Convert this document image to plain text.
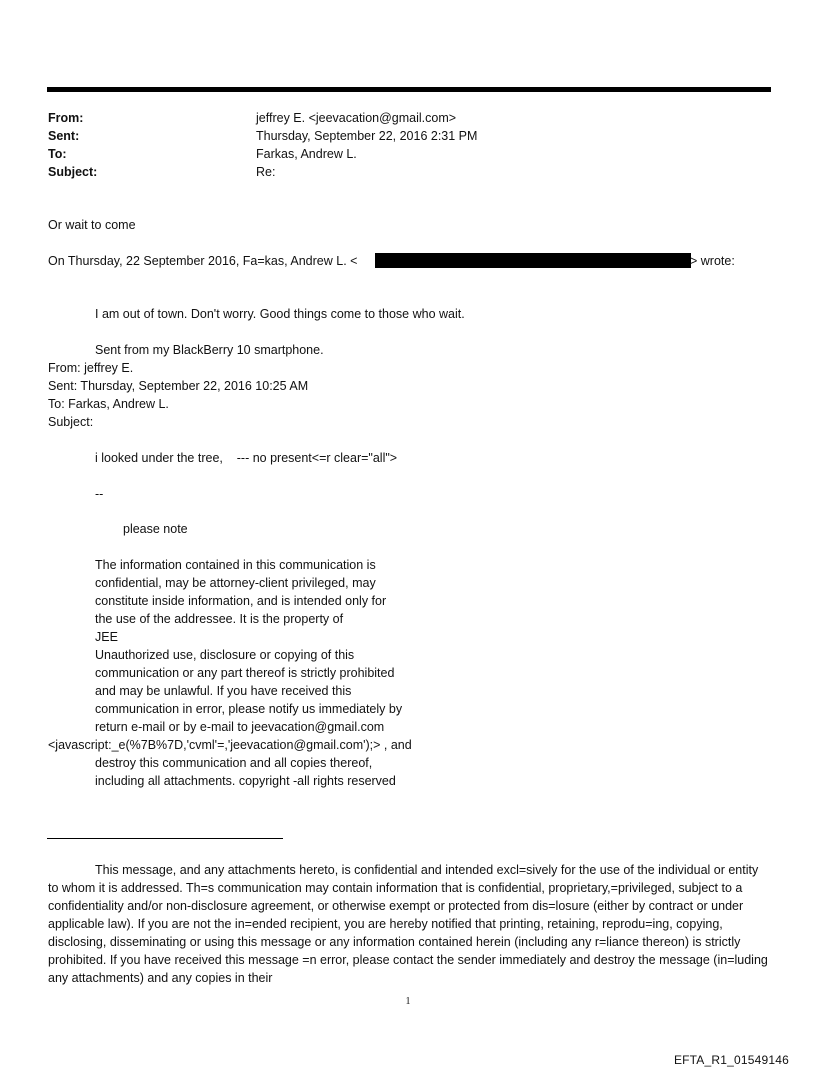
From:	jeffrey E. <jeevacation@gmail.com>
Sent:	Thursday, September 22, 2016 2:31 PM
To:	Farkas, Andrew L.
Subject:	Re:
Or wait to come
On Thursday, 22 September 2016, Fa=kas, Andrew L. <	> wrote:
I am out of town. Don't worry. Good things come to those who wait.
Sent from my BlackBerry 10 smartphone.
From: jeffrey E.
Sent: Thursday, September 22, 2016 10:25 AM
To: Farkas, Andrew L.
Subject:
i looked under the tree,    --- no present<=r clear="all">
--
please note
The information contained in this communication is
confidential, may be attorney-client privileged, may
constitute inside information, and is intended only for
the use of the addressee. It is the property of
JEE
Unauthorized use, disclosure or copying of this
communication or any part thereof is strictly prohibited
and may be unlawful. If you have received this
communication in error, please notify us immediately by
return e-mail or by e-mail to jeevacation@gmail.com
<javascript:_e(%7B%7D,'cvml'=,'jeevacation@gmail.com');> , and
destroy this communication and all copies thereof,
including all attachments. copyright -all rights reserved

This message, and any attachments hereto, is confidential and intended excl=sively for the use of the individual or entity to whom it is addressed. Th=s communication may contain information that is confidential, proprietary,=privileged, subject to a confidentiality and/or non-disclosure agreement, or otherwise exempt or protected from dis=losure (either by contract or under applicable law). If you are not the in=ended recipient, you are hereby notified that printing, retaining, reprodu=ing, copying, disclosing, disseminating or using this message or any information contained herein (including any r=liance thereon) is strictly prohibited. If you have received this message =n error, please contact the sender immediately and destroy the message (in=luding any attachments) and any copies in their

1
EFTA_R1_01549146
